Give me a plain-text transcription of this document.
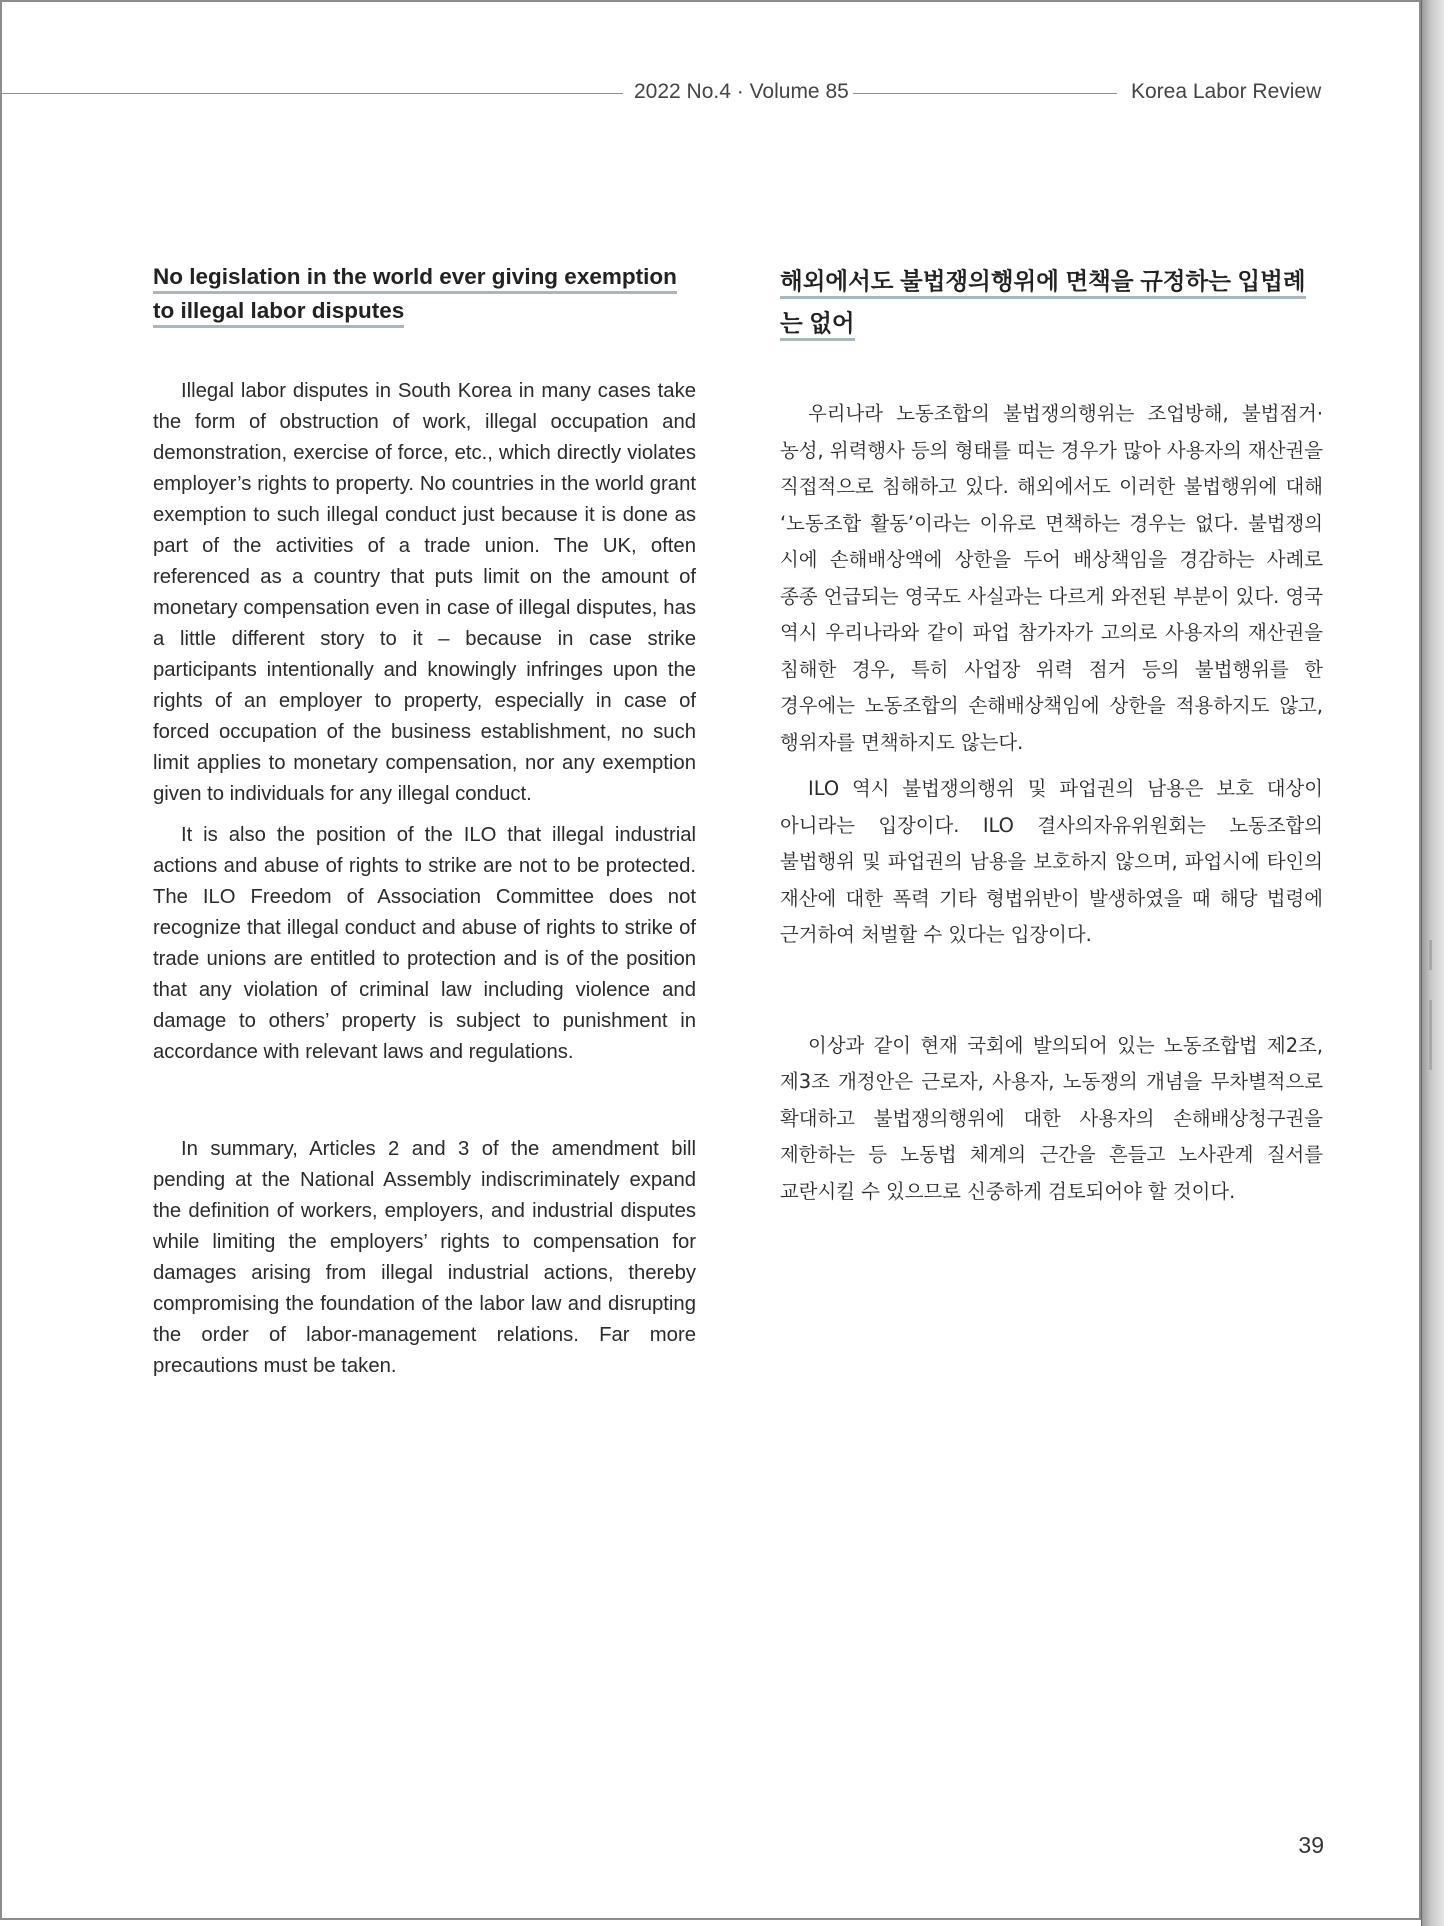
2022 No.4 · Volume 85	Korea Labor Review
No legislation in the world ever giving exemption to illegal labor disputes

Illegal labor disputes in South Korea in many cases take the form of obstruction of work, illegal occupation and demonstration, exercise of force, etc., which directly violates employer’s rights to property. No countries in the world grant exemption to such illegal conduct just because it is done as part of the activities of a trade union. The UK, often referenced as a country that puts limit on the amount of monetary compensation even in case of illegal disputes, has a little different story to it – because in case strike participants intentionally and knowingly infringes upon the rights of an employer to property, especially in case of forced occupation of the business establishment, no such limit applies to monetary compensation, nor any exemption given to individuals for any illegal conduct.

It is also the position of the ILO that illegal industrial actions and abuse of rights to strike are not to be protected. The ILO Freedom of Association Committee does not recognize that illegal conduct and abuse of rights to strike of trade unions are entitled to protection and is of the position that any violation of criminal law including violence and damage to others’ property is subject to punishment in accordance with relevant laws and regulations.

In summary, Articles 2 and 3 of the amendment bill pending at the National Assembly indiscriminately expand the definition of workers, employers, and industrial disputes while limiting the employers’ rights to compensation for damages arising from illegal industrial actions, thereby compromising the foundation of the labor law and disrupting the order of labor-management relations. Far more precautions must be taken.

해외에서도 불법쟁의행위에 면책을 규정하는 입법례는 없어

우리나라 노동조합의 불법쟁의행위는 조업방해, 불법점거·농성, 위력행사 등의 형태를 띠는 경우가 많아 사용자의 재산권을 직접적으로 침해하고 있다. 해외에서도 이러한 불법행위에 대해 ‘노동조합 활동’이라는 이유로 면책하는 경우는 없다. 불법쟁의 시에 손해배상액에 상한을 두어 배상책임을 경감하는 사례로 종종 언급되는 영국도 사실과는 다르게 와전된 부분이 있다. 영국 역시 우리나라와 같이 파업 참가자가 고의로 사용자의 재산권을 침해한 경우, 특히 사업장 위력 점거 등의 불법행위를 한 경우에는 노동조합의 손해배상책임에 상한을 적용하지도 않고, 행위자를 면책하지도 않는다.

ILO 역시 불법쟁의행위 및 파업권의 남용은 보호 대상이 아니라는 입장이다. ILO 결사의자유위원회는 노동조합의 불법행위 및 파업권의 남용을 보호하지 않으며, 파업시에 타인의 재산에 대한 폭력 기타 형법위반이 발생하였을 때 해당 법령에 근거하여 처벌할 수 있다는 입장이다.

이상과 같이 현재 국회에 발의되어 있는 노동조합법 제2조, 제3조 개정안은 근로자, 사용자, 노동쟁의 개념을 무차별적으로 확대하고 불법쟁의행위에 대한 사용자의 손해배상청구권을 제한하는 등 노동법 체계의 근간을 흔들고 노사관계 질서를 교란시킬 수 있으므로 신중하게 검토되어야 할 것이다.

39
